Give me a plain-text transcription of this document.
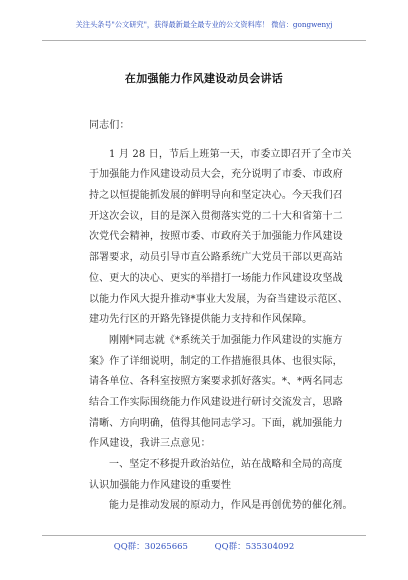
关注头条号"公文研究"，获得最新最全最专业的公文资料库！ 微信：gongwenyj
在加强能力作风建设动员会讲话
同志们：
1 月 28 日，节后上班第一天，市委立即召开了全市关
于加强能力作风建设动员大会，充分说明了市委、市政府
持之以恒提能抓发展的鲜明导向和坚定决心。今天我们召
开这次会议，目的是深入贯彻落实党的二十大和省第十二
次党代会精神，按照市委、市政府关于加强能力作风建设
部署要求，动员引导市直公路系统广大党员干部以更高站
位、更大的决心、更实的举措打一场能力作风建设攻坚战
以能力作风大提升推动*事业大发展，为奋当建设示范区、
建功先行区的开路先锋提供能力支持和作风保障。
刚刚*同志就《*系统关于加强能力作风建设的实施方
案》作了详细说明，制定的工作措施很具体、也很实际，
请各单位、各科室按照方案要求抓好落实。*、*两名同志
结合工作实际围绕能力作风建设进行研讨交流发言，思路
清晰、方向明确，值得其他同志学习。下面，就加强能力
作风建设，我讲三点意见：
一、坚定不移提升政治站位，站在战略和全局的高度
认识加强能力作风建设的重要性
能力是推动发展的原动力，作风是再创优势的催化剂。
QQ群：30265665	QQ群：535304092
